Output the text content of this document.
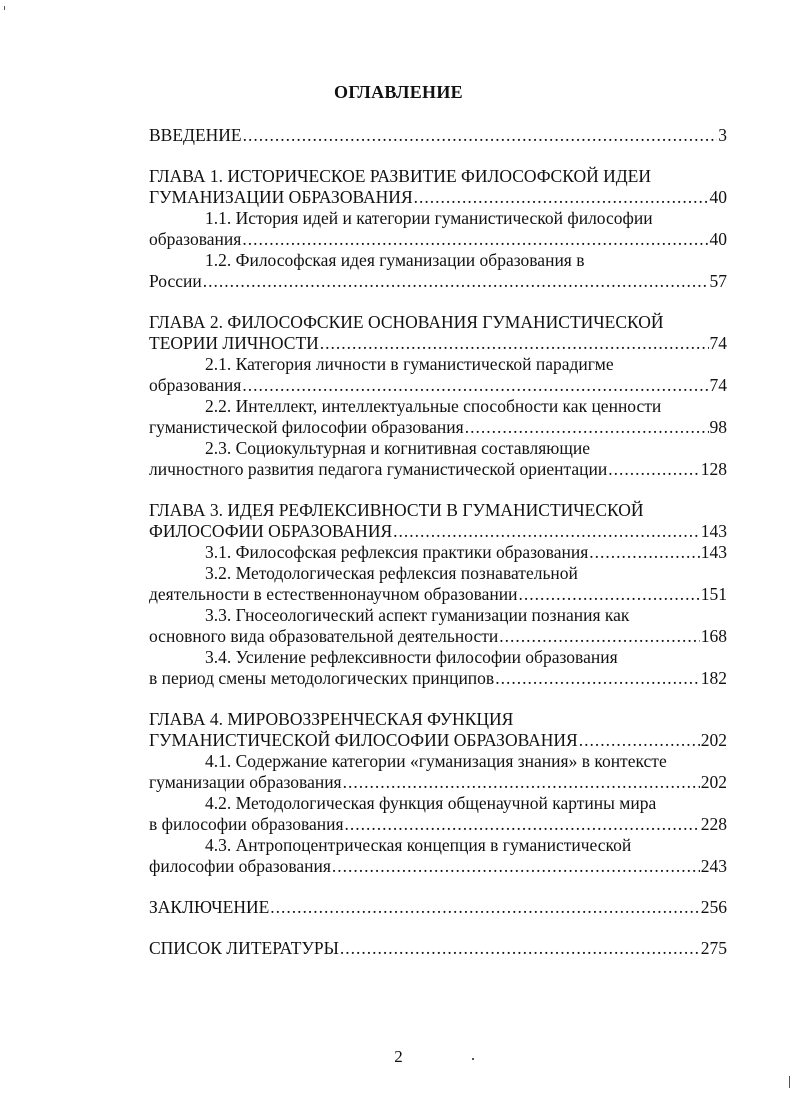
ОГЛАВЛЕНИЕ
ВВЕДЕНИЕ .....	3
ГЛАВА 1. ИСТОРИЧЕСКОЕ РАЗВИТИЕ ФИЛОСОФСКОЙ ИДЕИ
ГУМАНИЗАЦИИ ОБРАЗОВАНИЯ .....	40
1.1. История идей и категории гуманистической философии
образования .....	40
1.2. Философская идея гуманизации образования в
России .....	57
ГЛАВА 2. ФИЛОСОФСКИЕ ОСНОВАНИЯ ГУМАНИСТИЧЕСКОЙ
ТЕОРИИ ЛИЧНОСТИ .....	74
2.1. Категория личности в гуманистической парадигме
образования .....	74
2.2. Интеллект, интеллектуальные способности как ценности
гуманистической философии образования .....	98
2.3. Социокультурная и когнитивная составляющие
личностного развития педагога гуманистической ориентации .....	128
ГЛАВА 3. ИДЕЯ РЕФЛЕКСИВНОСТИ В ГУМАНИСТИЧЕСКОЙ
ФИЛОСОФИИ ОБРАЗОВАНИЯ .....	143
3.1. Философская рефлексия практики образования .....	143
3.2. Методологическая рефлексия познавательной
деятельности в естественнонаучном образовании .....	151
3.3. Гносеологический аспект гуманизации познания как
основного вида образовательной деятельности .....	168
3.4. Усиление рефлексивности философии образования
в период смены методологических принципов .....	182
ГЛАВА 4. МИРОВОЗЗРЕНЧЕСКАЯ ФУНКЦИЯ
ГУМАНИСТИЧЕСКОЙ ФИЛОСОФИИ ОБРАЗОВАНИЯ .....	202
4.1. Содержание категории «гуманизация знания» в контексте
гуманизации образования .....	202
4.2. Методологическая функция общенаучной картины мира
в философии образования .....	228
4.3. Антропоцентрическая концепция в гуманистической
философии образования .....	243
ЗАКЛЮЧЕНИЕ .....	256
СПИСОК ЛИТЕРАТУРЫ .....	275
2
